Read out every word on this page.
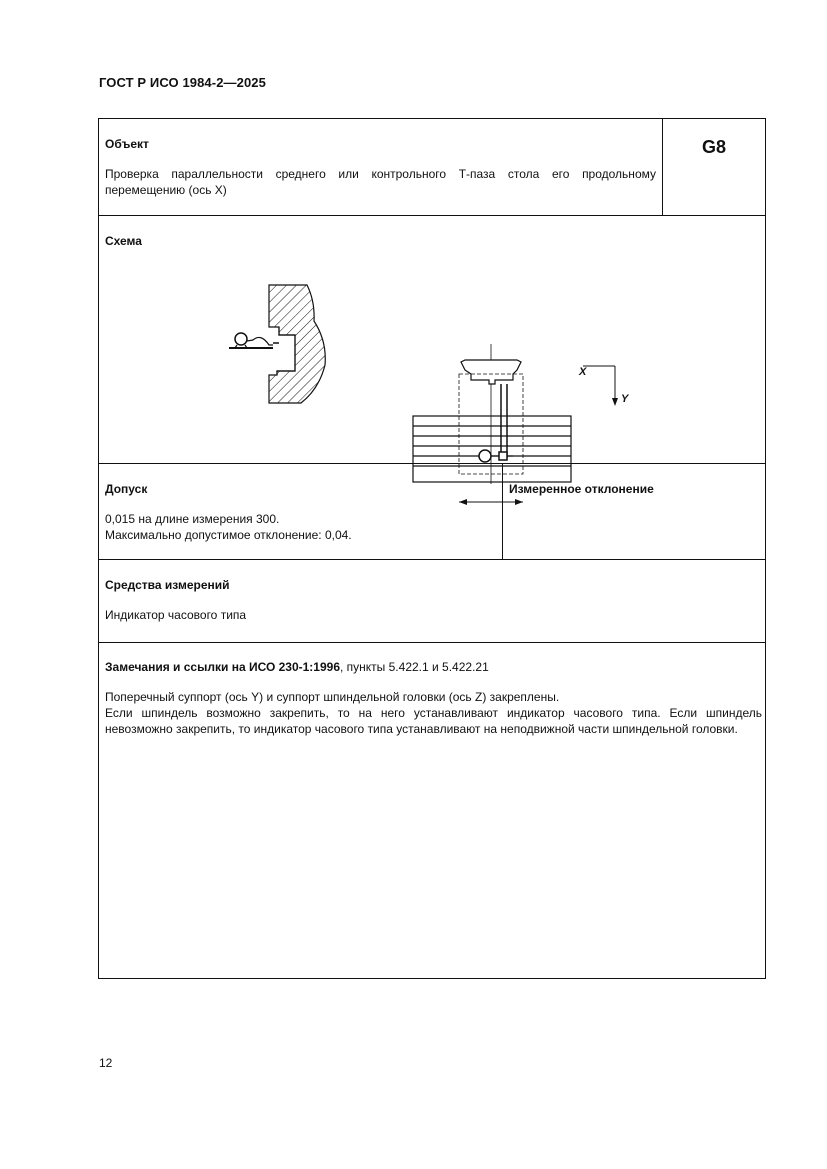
ГОСТ Р ИСО 1984-2—2025
Объект
Проверка параллельности среднего или контрольного Т-паза стола его продольному
перемещению (ось X)
G8
Схема
X
Y
Допуск
0,015 на длине измерения 300.
Максимально допустимое отклонение: 0,04.
Измеренное отклонение
Средства измерений
Индикатор часового типа
Замечания и ссылки на ИСО 230-1:1996, пункты 5.422.1 и 5.422.21
Поперечный суппорт (ось Y) и суппорт шпиндельной головки (ось Z) закреплены.
Если шпиндель возможно закрепить, то на него устанавливают индикатор часового типа. Если шпиндель
невозможно закрепить, то индикатор часового типа устанавливают на неподвижной части шпиндельной головки.
12
